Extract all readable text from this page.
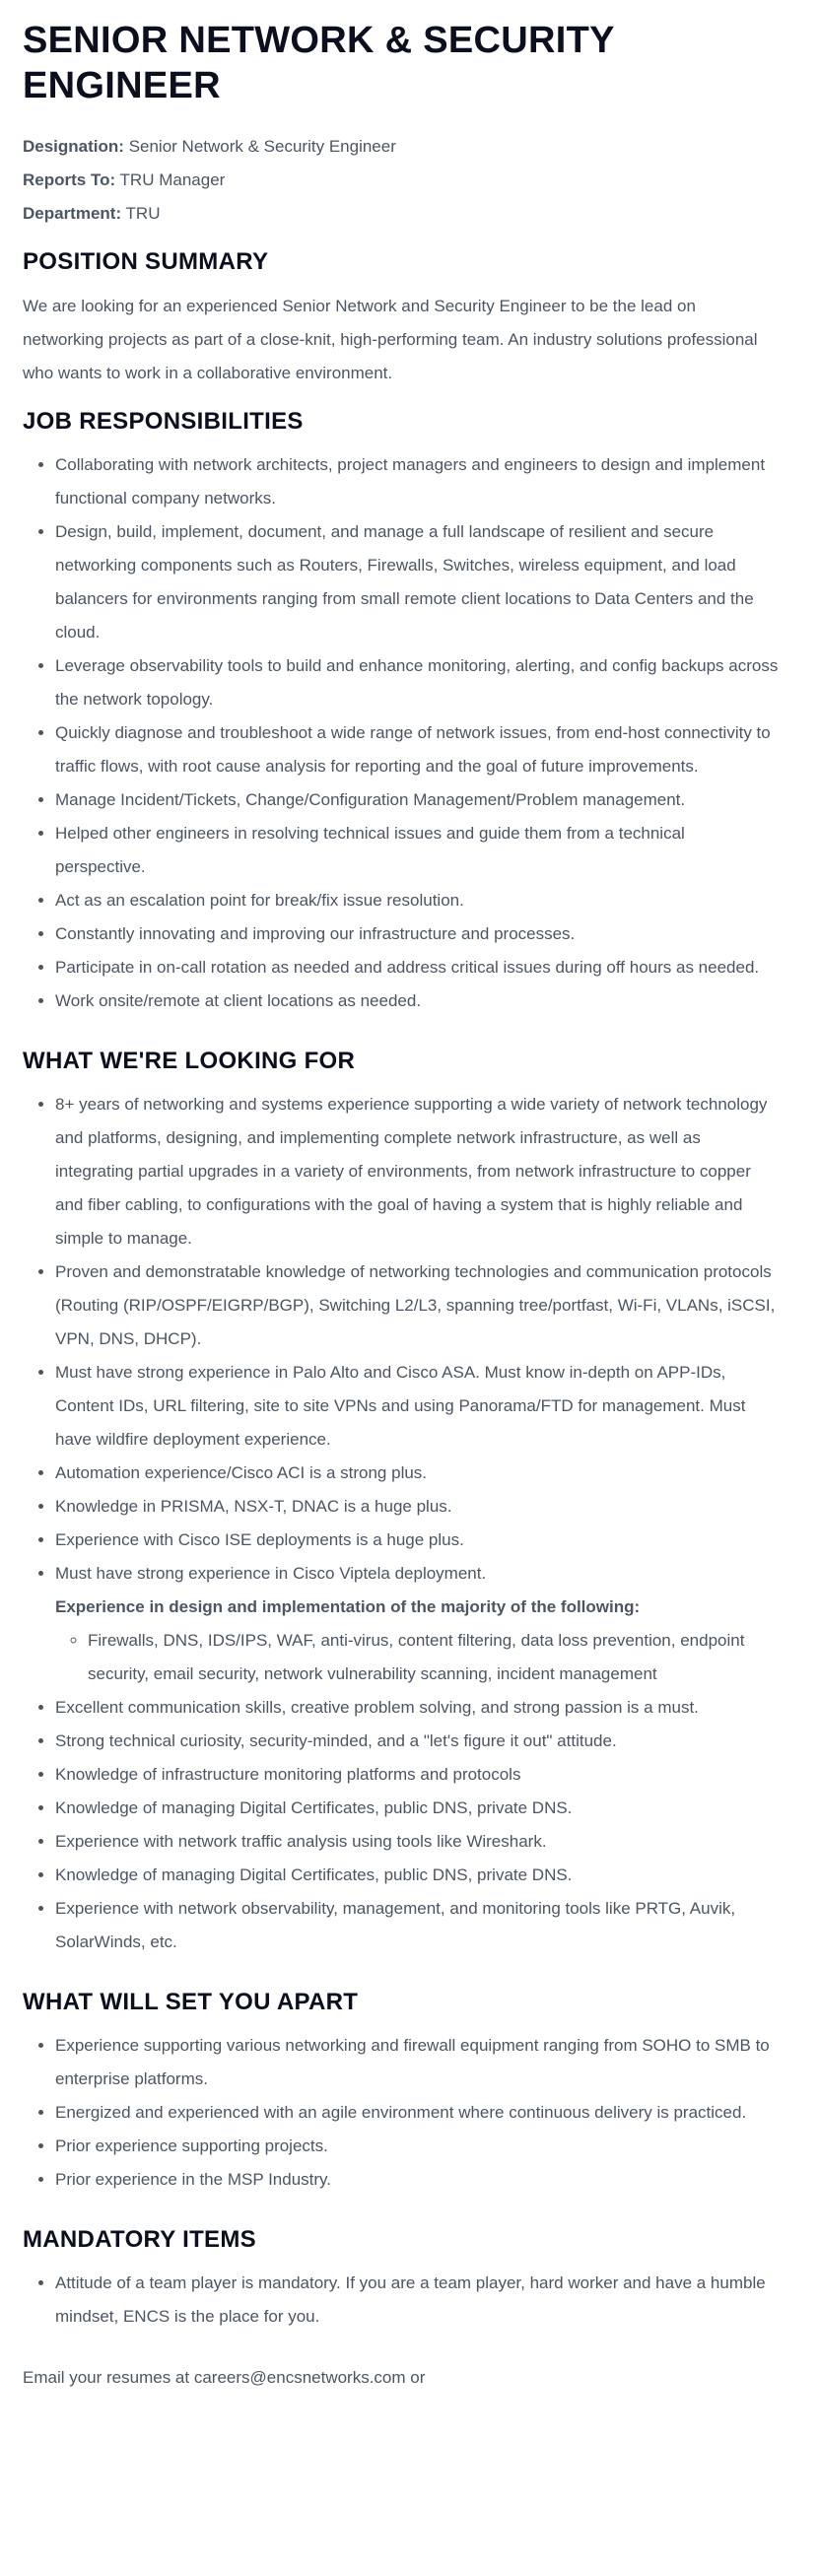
SENIOR NETWORK & SECURITY ENGINEER

Designation: Senior Network & Security Engineer

Reports To: TRU Manager

Department: TRU

POSITION SUMMARY

We are looking for an experienced Senior Network and Security Engineer to be the lead on networking projects as part of a close-knit, high-performing team. An industry solutions professional who wants to work in a collaborative environment.

JOB RESPONSIBILITIES
• Collaborating with network architects, project managers and engineers to design and implement functional company networks.
• Design, build, implement, document, and manage a full landscape of resilient and secure networking components such as Routers, Firewalls, Switches, wireless equipment, and load balancers for environments ranging from small remote client locations to Data Centers and the cloud.
• Leverage observability tools to build and enhance monitoring, alerting, and config backups across the network topology.
• Quickly diagnose and troubleshoot a wide range of network issues, from end-host connectivity to traffic flows, with root cause analysis for reporting and the goal of future improvements.
• Manage Incident/Tickets, Change/Configuration Management/Problem management.
• Helped other engineers in resolving technical issues and guide them from a technical perspective.
• Act as an escalation point for break/fix issue resolution.
• Constantly innovating and improving our infrastructure and processes.
• Participate in on-call rotation as needed and address critical issues during off hours as needed.
• Work onsite/remote at client locations as needed.
WHAT WE'RE LOOKING FOR
• 8+ years of networking and systems experience supporting a wide variety of network technology and platforms, designing, and implementing complete network infrastructure, as well as integrating partial upgrades in a variety of environments, from network infrastructure to copper and fiber cabling, to configurations with the goal of having a system that is highly reliable and simple to manage.
• Proven and demonstratable knowledge of networking technologies and communication protocols (Routing (RIP/OSPF/EIGRP/BGP), Switching L2/L3, spanning tree/portfast, Wi-Fi, VLANs, iSCSI, VPN, DNS, DHCP).
• Must have strong experience in Palo Alto and Cisco ASA. Must know in-depth on APP-IDs, Content IDs, URL filtering, site to site VPNs and using Panorama/FTD for management. Must have wildfire deployment experience.
• Automation experience/Cisco ACI is a strong plus.
• Knowledge in PRISMA, NSX-T, DNAC is a huge plus.
• Experience with Cisco ISE deployments is a huge plus.
• Must have strong experience in Cisco Viptela deployment.
Experience in design and implementation of the majority of the following:
◦ Firewalls, DNS, IDS/IPS, WAF, anti-virus, content filtering, data loss prevention, endpoint security, email security, network vulnerability scanning, incident management
• Excellent communication skills, creative problem solving, and strong passion is a must.
• Strong technical curiosity, security-minded, and a "let's figure it out" attitude.
• Knowledge of infrastructure monitoring platforms and protocols
• Knowledge of managing Digital Certificates, public DNS, private DNS.
• Experience with network traffic analysis using tools like Wireshark.
• Knowledge of managing Digital Certificates, public DNS, private DNS.
• Experience with network observability, management, and monitoring tools like PRTG, Auvik, SolarWinds, etc.
WHAT WILL SET YOU APART
• Experience supporting various networking and firewall equipment ranging from SOHO to SMB to enterprise platforms.
• Energized and experienced with an agile environment where continuous delivery is practiced.
• Prior experience supporting projects.
• Prior experience in the MSP Industry.
MANDATORY ITEMS
• Attitude of a team player is mandatory. If you are a team player, hard worker and have a humble mindset, ENCS is the place for you.

Email your resumes at careers@encsnetworks.com or
